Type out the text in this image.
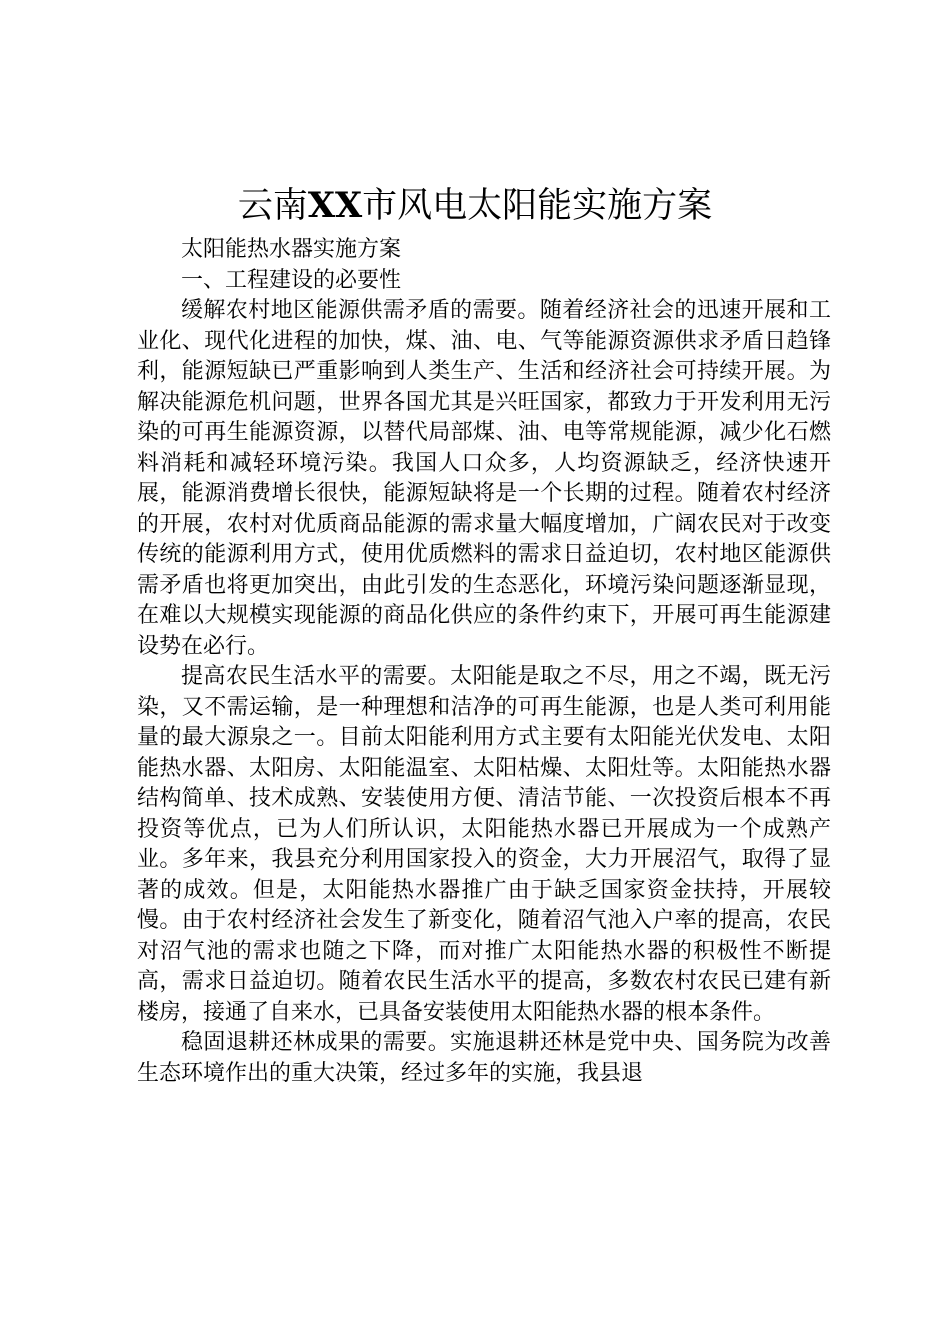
云南XX市风电太阳能实施方案

太阳能热水器实施方案

一、工程建设的必要性

缓解农村地区能源供需矛盾的需要。随着经济社会的迅速开展和工业化、现代化进程的加快，煤、油、电、气等能源资源供求矛盾日趋锋利，能源短缺已严重影响到人类生产、生活和经济社会可持续开展。为解决能源危机问题，世界各国尤其是兴旺国家，都致力于开发利用无污染的可再生能源资源，以替代局部煤、油、电等常规能源，减少化石燃料消耗和减轻环境污染。我国人口众多，人均资源缺乏，经济快速开展，能源消费增长很快，能源短缺将是一个长期的过程。随着农村经济的开展，农村对优质商品能源的需求量大幅度增加，广阔农民对于改变传统的能源利用方式，使用优质燃料的需求日益迫切，农村地区能源供需矛盾也将更加突出，由此引发的生态恶化，环境污染问题逐渐显现，在难以大规模实现能源的商品化供应的条件约束下，开展可再生能源建设势在必行。

提高农民生活水平的需要。太阳能是取之不尽，用之不竭，既无污染，又不需运输，是一种理想和洁净的可再生能源，也是人类可利用能量的最大源泉之一。目前太阳能利用方式主要有太阳能光伏发电、太阳能热水器、太阳房、太阳能温室、太阳枯燥、太阳灶等。太阳能热水器结构简单、技术成熟、安装使用方便、清洁节能、一次投资后根本不再投资等优点，已为人们所认识，太阳能热水器已开展成为一个成熟产业。多年来，我县充分利用国家投入的资金，大力开展沼气，取得了显著的成效。但是，太阳能热水器推广由于缺乏国家资金扶持，开展较慢。由于农村经济社会发生了新变化，随着沼气池入户率的提高，农民对沼气池的需求也随之下降，而对推广太阳能热水器的积极性不断提高，需求日益迫切。随着农民生活水平的提高，多数农村农民已建有新楼房，接通了自来水，已具备安装使用太阳能热水器的根本条件。

稳固退耕还林成果的需要。实施退耕还林是党中央、国务院为改善生态环境作出的重大决策，经过多年的实施，我县退
